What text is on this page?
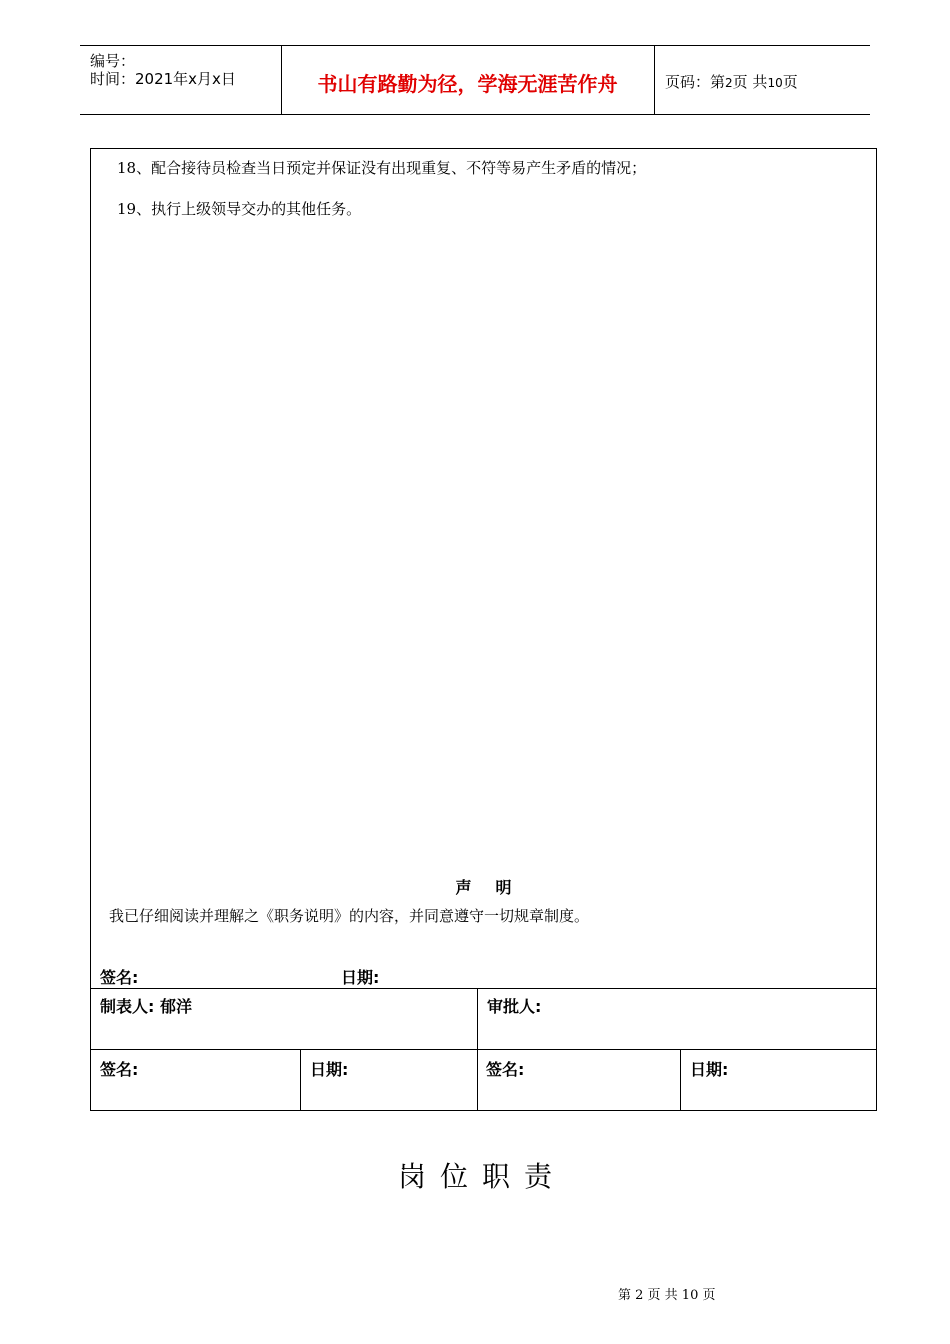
编号：
时间：2021年x月x日	书山有路勤为径，学海无涯苦作舟	页码：第2页 共10页
18、配合接待员检查当日预定并保证没有出现重复、不符等易产生矛盾的情况；
19、执行上级领导交办的其他任务。
声明
我已仔细阅读并理解之《职务说明》的内容，并同意遵守一切规章制度。
签名:	日期:
制表人: 郁洋	审批人:
签名:	日期:	签名:	日期:
岗位职责
第 2 页 共 10 页
